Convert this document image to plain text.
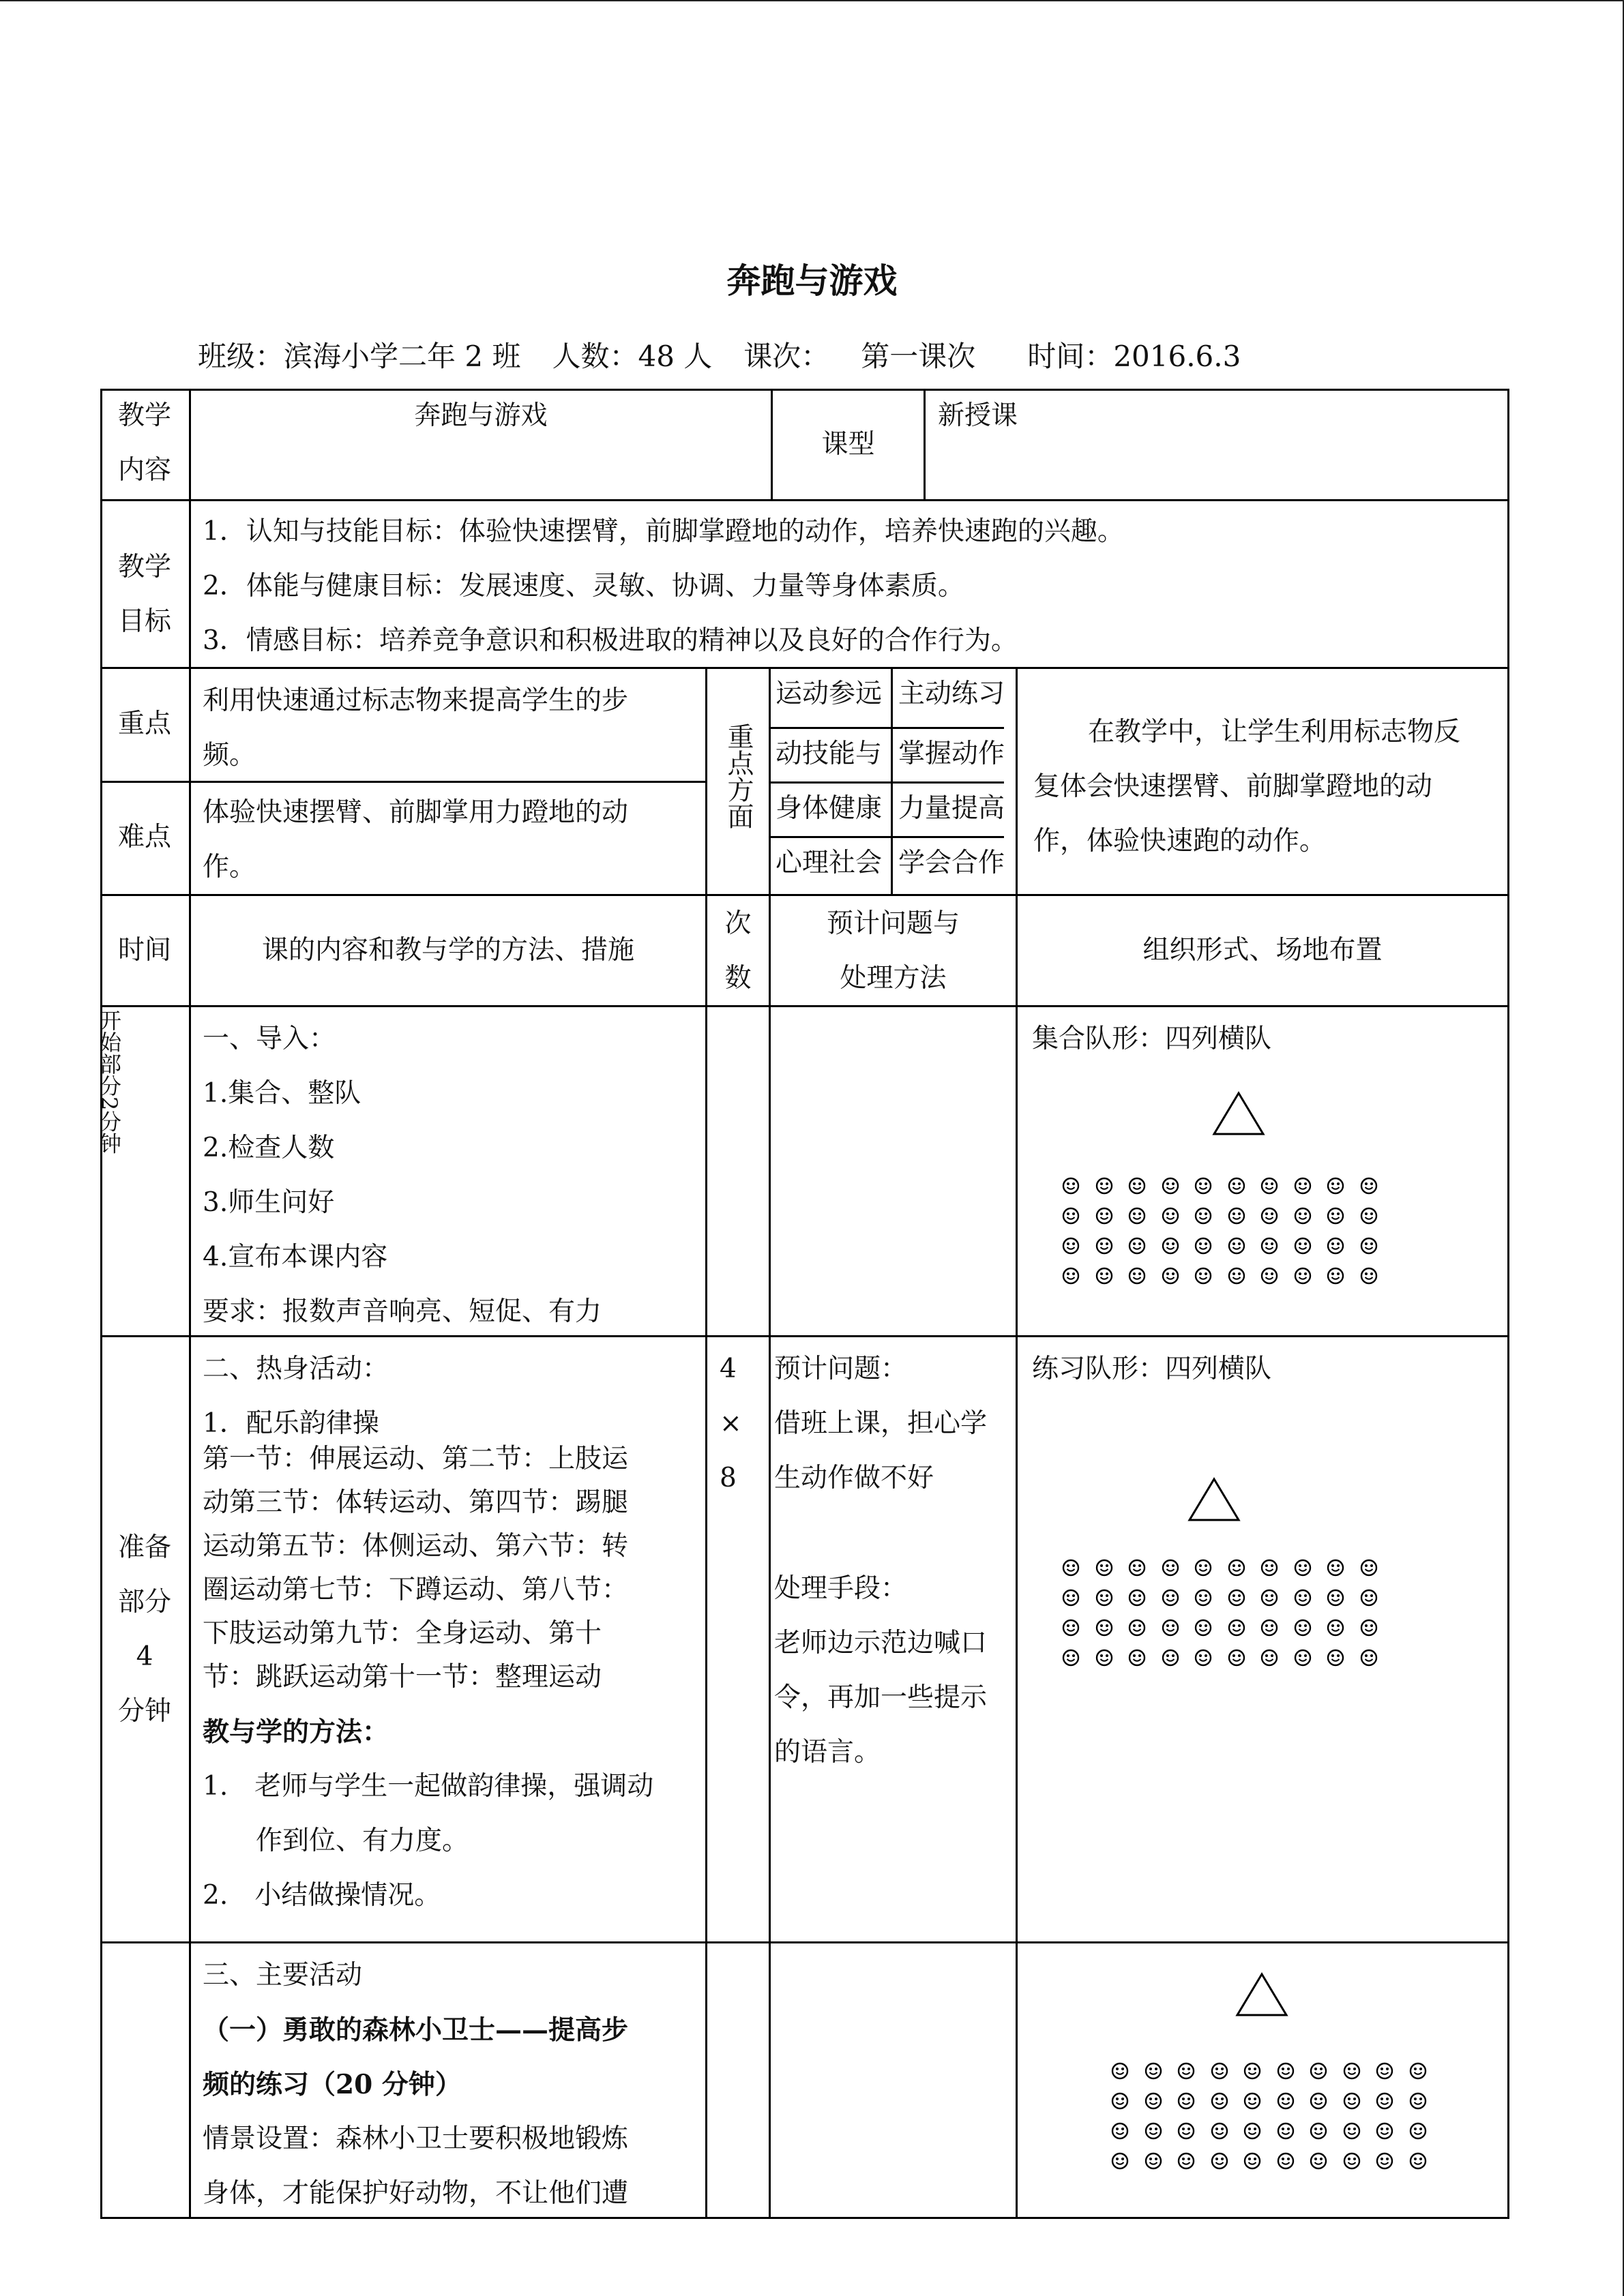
奔跑与游戏
班级：滨海小学二年 2 班 人数：48 人 课次： 第一课次 时间：2016.6.3
教学
内容
奔跑与游戏
课型
新授课
教学
目标
1．认知与技能目标：体验快速摆臂，前脚掌蹬地的动作，培养快速跑的兴趣。
2．体能与健康目标：发展速度、灵敏、协调、力量等身体素质。
3．情感目标：培养竞争意识和积极进取的精神以及良好的合作行为。
重点
利用快速通过标志物来提高学生的步
频。
难点
体验快速摆臂、前脚掌用力蹬地的动
作。
重点方面
运动参远 主动练习
动技能与 掌握动作
身体健康 力量提高
心理社会 学会合作
在教学中，让学生利用标志物反
复体会快速摆臂、前脚掌蹬地的动
作，体验快速跑的动作。
时间	课的内容和教与学的方法、措施
次
数
预计问题与
处理方法
组织形式、场地布置
开始部分2分钟	一、导入：
1.集合、整队
2.检查人数
3.师生问好
4.宣布本课内容
要求：报数声音响亮、短促、有力
集合队形：四列横队
准备
部分
4
分钟
二、热身活动：
1．配乐韵律操
第一节：伸展运动、第二节：上肢运
动第三节：体转运动、第四节：踢腿
运动第五节：体侧运动、第六节：转
圈运动第七节：下蹲运动、第八节：
下肢运动第九节：全身运动、第十
节：跳跃运动第十一节：整理运动
教与学的方法：
1.　老师与学生一起做韵律操，强调动
　　作到位、有力度。
2.　小结做操情况。
4
×
8
预计问题：
借班上课，担心学
生动作做不好
处理手段：
老师边示范边喊口
令，再加一些提示
的语言。
练习队形：四列横队
三、主要活动
（一）勇敢的森林小卫士——提高步
频的练习（20 分钟）
情景设置：森林小卫士要积极地锻炼
身体，才能保护好动物，不让他们遭
